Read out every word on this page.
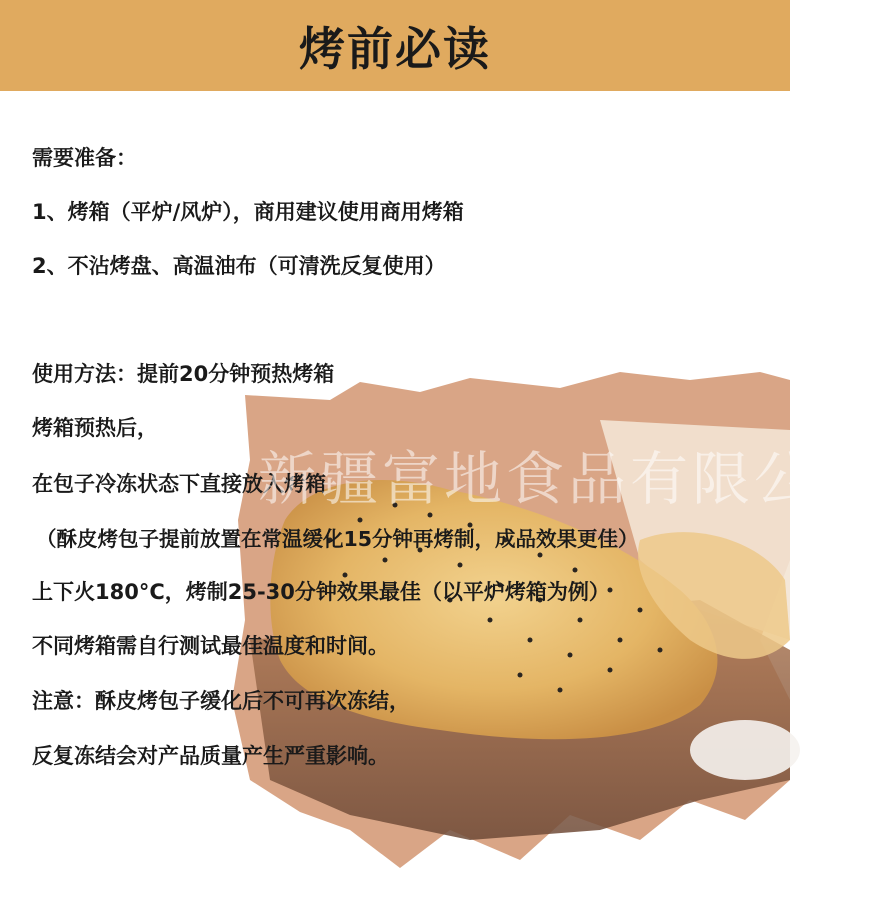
烤前必读
需要准备：
1、烤箱（平炉/风炉），商用建议使用商用烤箱
2、不沾烤盘、高温油布（可清洗反复使用）
使用方法：提前20分钟预热烤箱
烤箱预热后，
在包子冷冻状态下直接放入烤箱
（酥皮烤包子提前放置在常温缓化15分钟再烤制，成品效果更佳）
上下火180°C，烤制25-30分钟效果最佳（以平炉烤箱为例）
不同烤箱需自行测试最佳温度和时间。
注意：酥皮烤包子缓化后不可再次冻结，
反复冻结会对产品质量产生严重影响。
新疆富地食品有限公司
